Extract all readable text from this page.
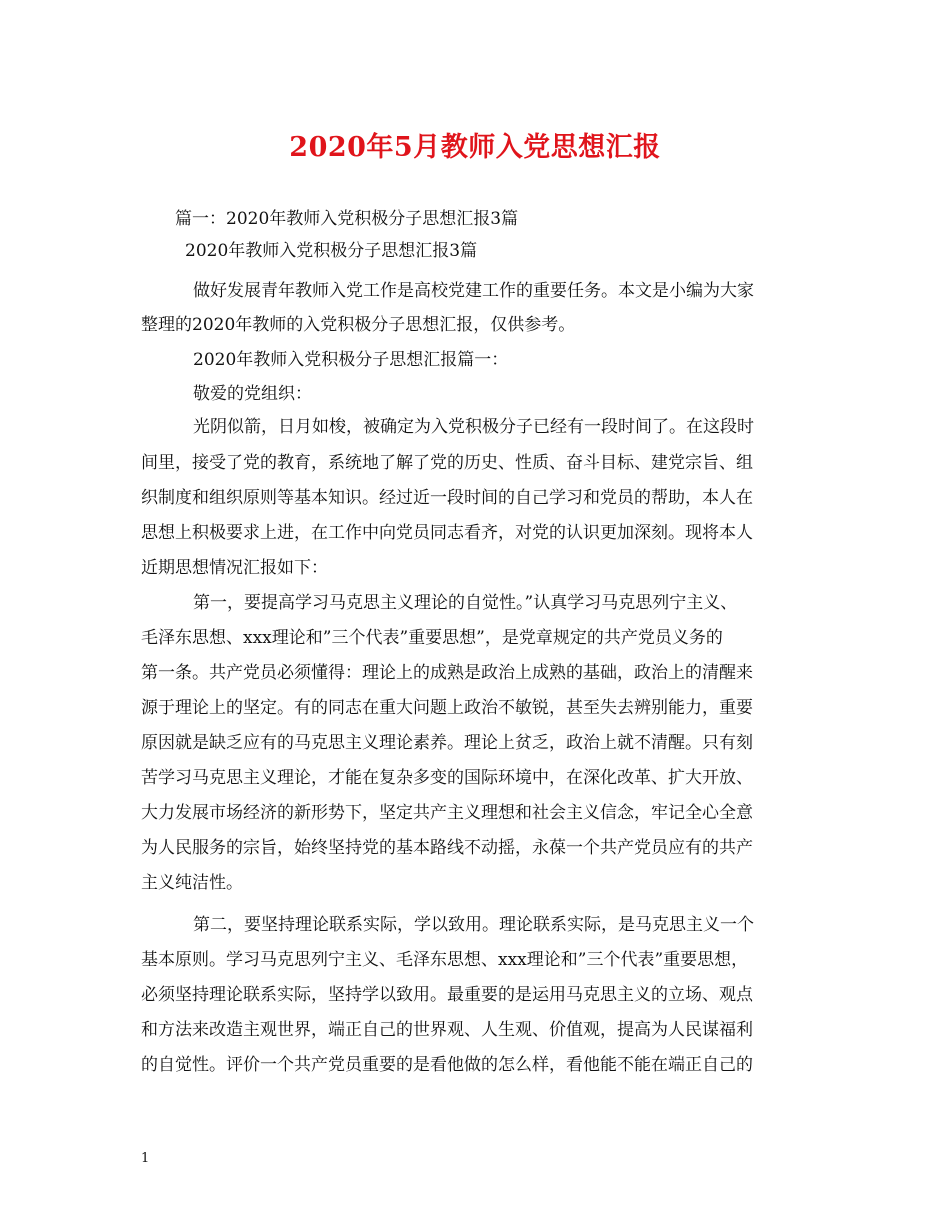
2020年5月教师入党思想汇报
篇一：2020年教师入党积极分子思想汇报3篇
2020年教师入党积极分子思想汇报3篇
做好发展青年教师入党工作是高校党建工作的重要任务。本文是小编为大家
整理的2020年教师的入党积极分子思想汇报，仅供参考。
2020年教师入党积极分子思想汇报篇一：
敬爱的党组织：
光阴似箭，日月如梭，被确定为入党积极分子已经有一段时间了。在这段时
间里，接受了党的教育，系统地了解了党的历史、性质、奋斗目标、建党宗旨、组
织制度和组织原则等基本知识。经过近一段时间的自己学习和党员的帮助，本人在
思想上积极要求上进，在工作中向党员同志看齐，对党的认识更加深刻。现将本人
近期思想情况汇报如下：
第一，要提高学习马克思主义理论的自觉性。”认真学习马克思列宁主义、
毛泽东思想、xxx理论和”三个代表”重要思想”，是党章规定的共产党员义务的
第一条。共产党员必须懂得：理论上的成熟是政治上成熟的基础，政治上的清醒来
源于理论上的坚定。有的同志在重大问题上政治不敏锐，甚至失去辨别能力，重要
原因就是缺乏应有的马克思主义理论素养。理论上贫乏，政治上就不清醒。只有刻
苦学习马克思主义理论，才能在复杂多变的国际环境中，在深化改革、扩大开放、
大力发展市场经济的新形势下，坚定共产主义理想和社会主义信念，牢记全心全意
为人民服务的宗旨，始终坚持党的基本路线不动摇，永葆一个共产党员应有的共产
主义纯洁性。
第二，要坚持理论联系实际，学以致用。理论联系实际，是马克思主义一个
基本原则。学习马克思列宁主义、毛泽东思想、xxx理论和”三个代表”重要思想，
必须坚持理论联系实际，坚持学以致用。最重要的是运用马克思主义的立场、观点
和方法来改造主观世界，端正自己的世界观、人生观、价值观，提高为人民谋福利
的自觉性。评价一个共产党员重要的是看他做的怎么样，看他能不能在端正自己的
1
